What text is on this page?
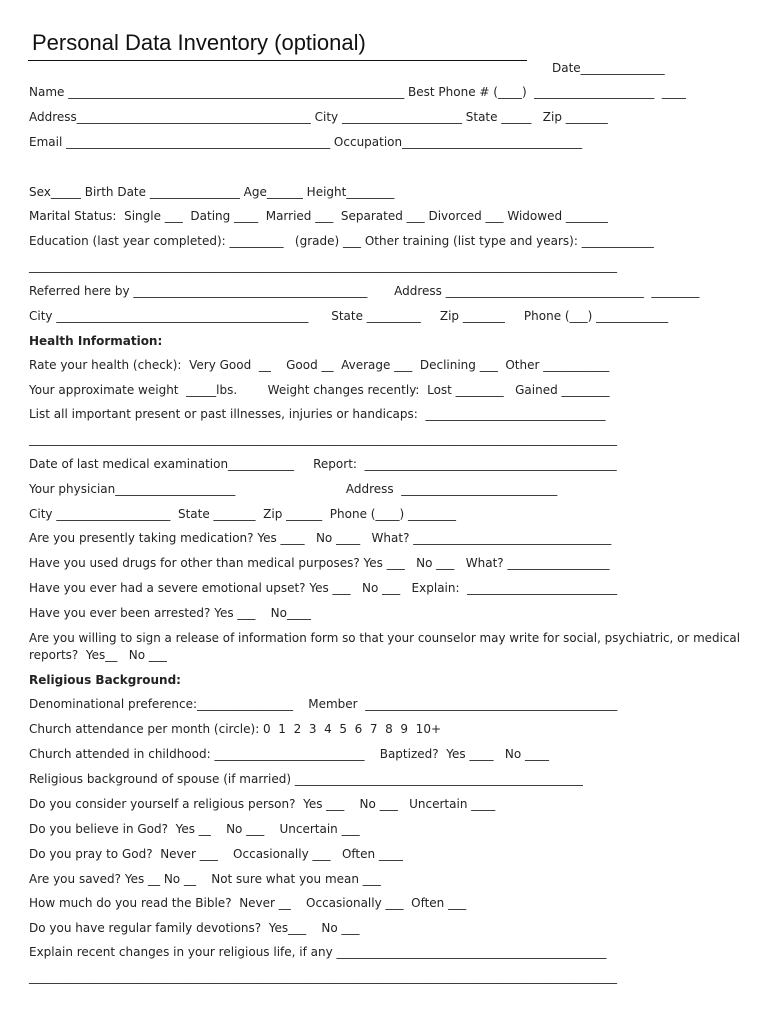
Personal Data Inventory (optional)
Date______________
Name ________________________________________________________ Best Phone # (____)  ____________________  ____
Address_______________________________________ City ____________________ State _____   Zip _______
Email ____________________________________________ Occupation______________________________
Sex_____ Birth Date _______________ Age______ Height________
Marital Status:  Single ___  Dating ____  Married ___  Separated ___ Divorced ___ Widowed _______
Education (last year completed): _________   (grade) ___ Other training (list type and years): ____________
__________________________________________________________________________________________________
Referred here by _______________________________________       Address _________________________________  ________
City __________________________________________      State _________     Zip _______     Phone (___) ____________
Health Information:
Rate your health (check):  Very Good  __    Good __  Average ___  Declining ___  Other ___________
Your approximate weight  _____lbs.        Weight changes recently:  Lost ________   Gained ________
List all important present or past illnesses, injuries or handicaps:  ______________________________
__________________________________________________________________________________________________
Date of last medical examination___________     Report:  __________________________________________
Your physician____________________                             Address  __________________________
City ___________________  State _______  Zip ______  Phone (____) ________
Are you presently taking medication? Yes ____   No ____   What? _________________________________
Have you used drugs for other than medical purposes? Yes ___   No ___   What? _________________
Have you ever had a severe emotional upset? Yes ___   No ___   Explain:  _________________________
Have you ever been arrested? Yes ___    No____
Are you willing to sign a release of information form so that your counselor may write for social, psychiatric, or medical
reports?  Yes__   No ___
Religious Background:
Denominational preference:________________    Member  __________________________________________
Church attendance per month (circle): 0  1  2  3  4  5  6  7  8  9  10+
Church attended in childhood: _________________________    Baptized?  Yes ____   No ____
Religious background of spouse (if married) ________________________________________________
Do you consider yourself a religious person?  Yes ___    No ___   Uncertain ____
Do you believe in God?  Yes __    No ___    Uncertain ___
Do you pray to God?  Never ___    Occasionally ___   Often ____
Are you saved? Yes __ No __    Not sure what you mean ___
How much do you read the Bible?  Never __    Occasionally ___  Often ___
Do you have regular family devotions?  Yes___    No ___
Explain recent changes in your religious life, if any _____________________________________________
__________________________________________________________________________________________________
